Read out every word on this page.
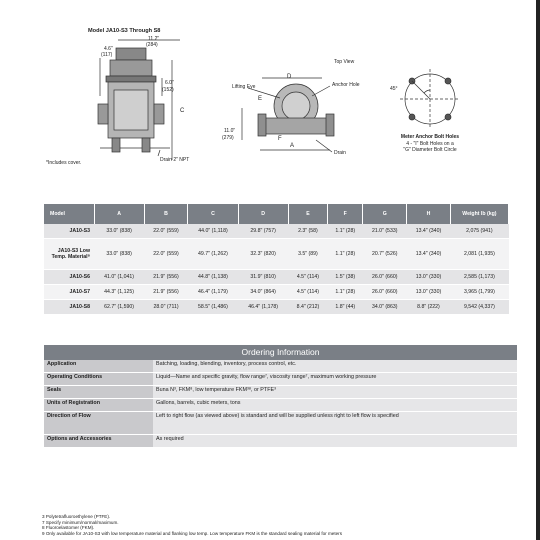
Model JA10-S3 Through S8
11.2"
(284)
4.6"
(117)
6.0"
(152)
C
*Includes cover.	Drain 2" NPT
Top View
Anchor Hole
Lifting Eye
11.0"
(279)
D
E
F
A
Drain
45°
Meter Anchor Bolt Holes
4 - "I" Bolt Holes on a
"G" Diameter Bolt Circle
Model	A	B	C	D	E	F	G	H	Weight lb (kg)
JA10-S3	33.0" (838)	22.0" (559)	44.0" (1,118)	29.8" (757)	2.3" (58)	1.1" (28)	21.0" (533)	13.4" (340)	2,075 (941)
JA10-S3 Low Temp. Material⁸	33.0" (838)	22.0" (559)	49.7" (1,262)	32.3" (820)	3.5" (89)	1.1" (28)	20.7" (526)	13.4" (340)	2,081 (1,935)
JA10-S6	41.0" (1,041)	21.9" (556)	44.8" (1,138)	31.9" (810)	4.5" (114)	1.5" (38)	26.0" (660)	13.0" (330)	2,585 (1,173)
JA10-S7	44.3" (1,125)	21.9" (556)	46.4" (1,179)	34.0" (864)	4.5" (114)	1.1" (28)	26.0" (660)	13.0" (330)	3,965 (1,799)
JA10-S8	62.7" (1,590)	28.0" (711)	58.5" (1,486)	46.4" (1,178)	8.4" (212)	1.8" (44)	34.0" (863)	8.8" (222)	9,542 (4,337)
Ordering Information	
Application	Batching, loading, blending, inventory, process control, etc.
Operating Conditions	Liquid—Name and specific gravity, flow range⁷, viscosity range⁷, maximum working pressure
Seals	Buna N³, FKM⁸, low temperature FKM³⁸, or PTFE³
Units of Registration	Gallons, barrels, cubic meters, tons
Direction of Flow	Left to right flow (as viewed above) is standard and will be supplied unless right to left flow is specified
Options and Accessories	As required
3 Polytetrafluoroethylene (PTFE).
7 Specify minimum/normal/maximum.
8 Fluoroelastomer (FKM).
9 Only available for JA10-S3 with low temperature material and flanking low temp. Low temperature FKM is the standard sealing material for meters
